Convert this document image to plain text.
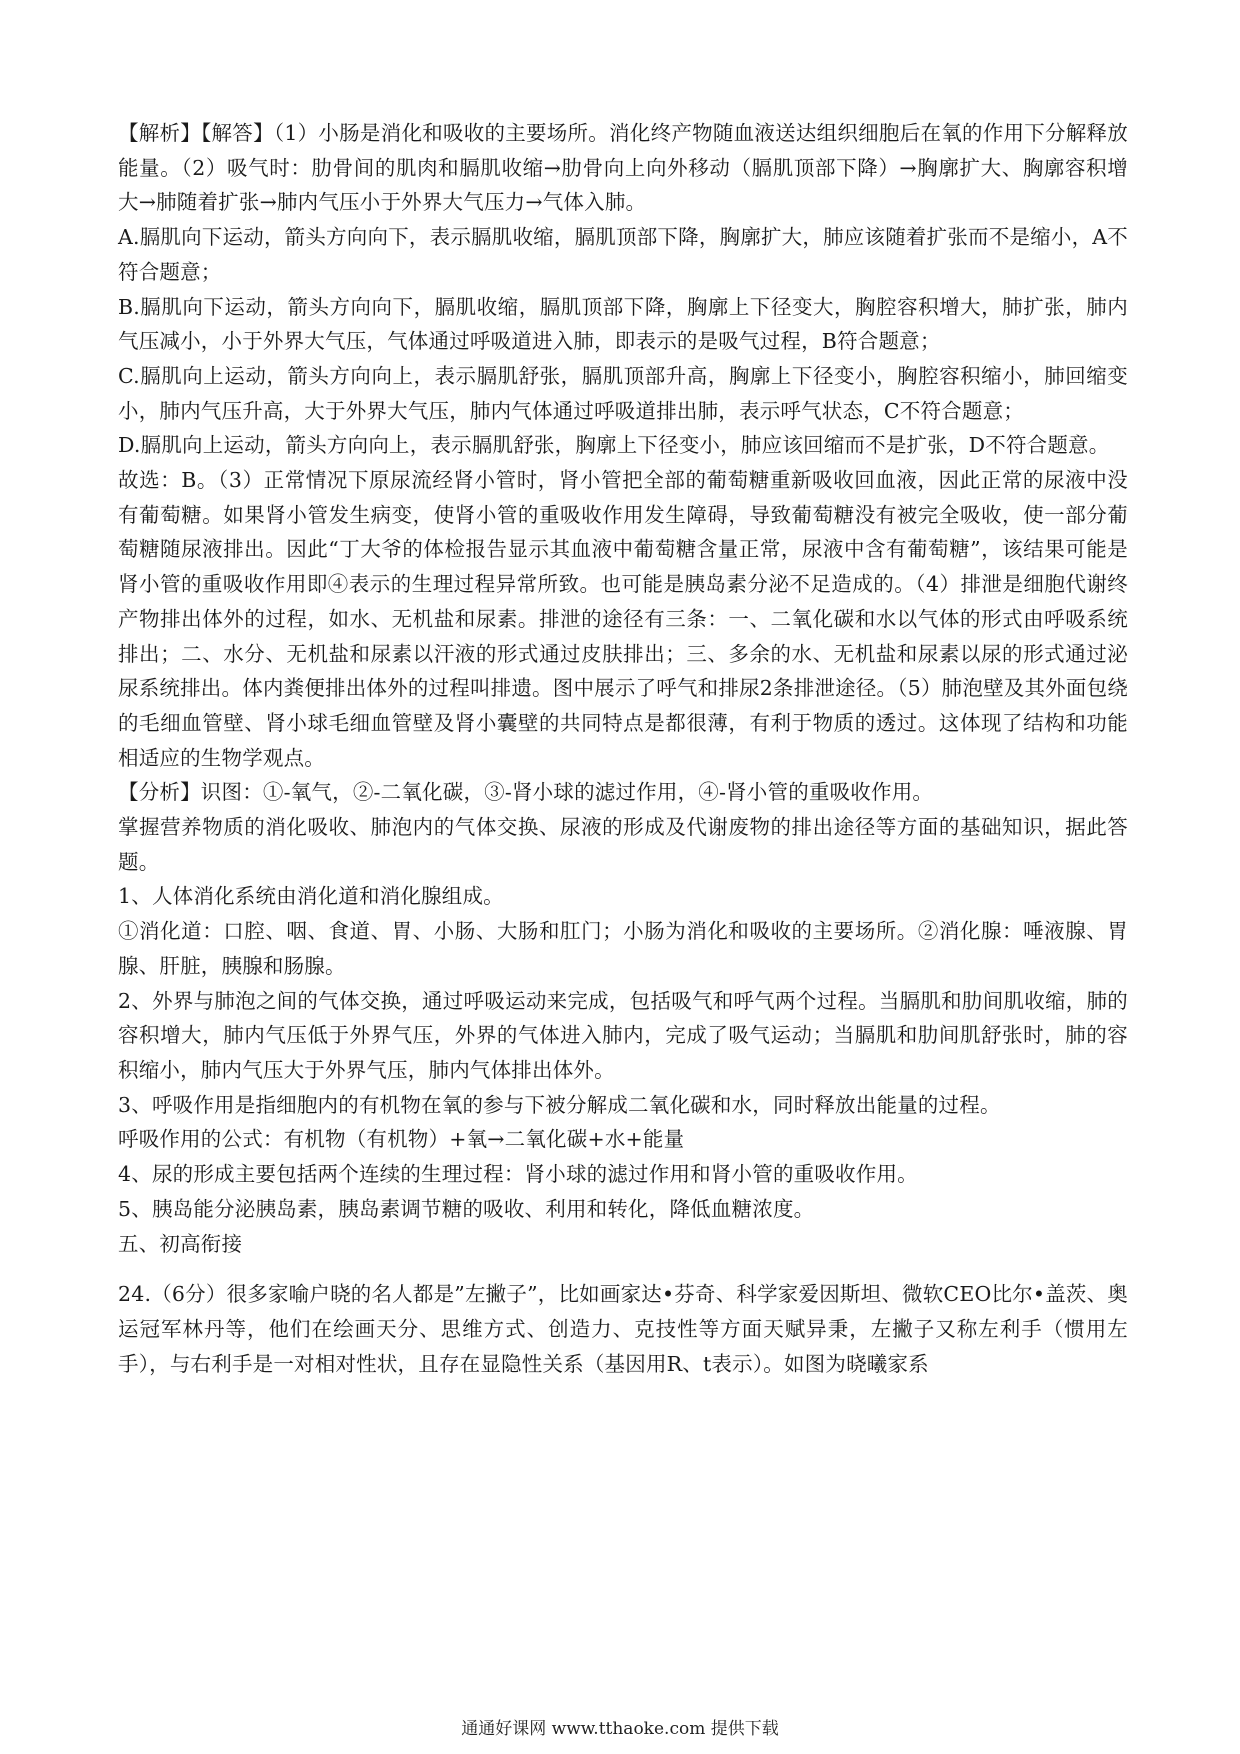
【解析】【解答】（1）小肠是消化和吸收的主要场所。消化终产物随血液送达组织细胞后在氧的作用下分解释放能量。（2）吸气时：肋骨间的肌肉和膈肌收缩→肋骨向上向外移动（膈肌顶部下降）→胸廓扩大、胸廓容积增大→肺随着扩张→肺内气压小于外界大气压力→气体入肺。

A.膈肌向下运动，箭头方向向下，表示膈肌收缩，膈肌顶部下降，胸廓扩大，肺应该随着扩张而不是缩小，A不符合题意；

B.膈肌向下运动，箭头方向向下，膈肌收缩，膈肌顶部下降，胸廓上下径变大，胸腔容积增大，肺扩张，肺内气压减小，小于外界大气压，气体通过呼吸道进入肺，即表示的是吸气过程，B符合题意；

C.膈肌向上运动，箭头方向向上，表示膈肌舒张，膈肌顶部升高，胸廓上下径变小，胸腔容积缩小，肺回缩变小，肺内气压升高，大于外界大气压，肺内气体通过呼吸道排出肺，表示呼气状态，C不符合题意；

D.膈肌向上运动，箭头方向向上，表示膈肌舒张，胸廓上下径变小，肺应该回缩而不是扩张，D不符合题意。

故选：B。（3）正常情况下原尿流经肾小管时，肾小管把全部的葡萄糖重新吸收回血液，因此正常的尿液中没有葡萄糖。如果肾小管发生病变，使肾小管的重吸收作用发生障碍，导致葡萄糖没有被完全吸收，使一部分葡萄糖随尿液排出。因此“丁大爷的体检报告显示其血液中葡萄糖含量正常，尿液中含有葡萄糖”，该结果可能是肾小管的重吸收作用即④表示的生理过程异常所致。也可能是胰岛素分泌不足造成的。（4）排泄是细胞代谢终产物排出体外的过程，如水、无机盐和尿素。排泄的途径有三条：一、二氧化碳和水以气体的形式由呼吸系统排出；二、水分、无机盐和尿素以汗液的形式通过皮肤排出；三、多余的水、无机盐和尿素以尿的形式通过泌尿系统排出。体内粪便排出体外的过程叫排遗。图中展示了呼气和排尿2条排泄途径。（5）肺泡壁及其外面包绕的毛细血管壁、肾小球毛细血管壁及肾小囊壁的共同特点是都很薄，有利于物质的透过。这体现了结构和功能相适应的生物学观点。

【分析】识图：①-氧气，②-二氧化碳，③-肾小球的滤过作用，④-肾小管的重吸收作用。

掌握营养物质的消化吸收、肺泡内的气体交换、尿液的形成及代谢废物的排出途径等方面的基础知识，据此答题。

1、人体消化系统由消化道和消化腺组成。

①消化道：口腔、咽、食道、胃、小肠、大肠和肛门；小肠为消化和吸收的主要场所。②消化腺：唾液腺、胃腺、肝脏，胰腺和肠腺。

2、外界与肺泡之间的气体交换，通过呼吸运动来完成，包括吸气和呼气两个过程。当膈肌和肋间肌收缩，肺的容积增大，肺内气压低于外界气压，外界的气体进入肺内，完成了吸气运动；当膈肌和肋间肌舒张时，肺的容积缩小，肺内气压大于外界气压，肺内气体排出体外。

3、呼吸作用是指细胞内的有机物在氧的参与下被分解成二氧化碳和水，同时释放出能量的过程。

呼吸作用的公式：有机物（有机物）+氧→二氧化碳+水+能量

4、尿的形成主要包括两个连续的生理过程：肾小球的滤过作用和肾小管的重吸收作用。

5、胰岛能分泌胰岛素，胰岛素调节糖的吸收、利用和转化，降低血糖浓度。

五、初高衔接

24.（6分）很多家喻户晓的名人都是”左撇子”，比如画家达•芬奇、科学家爱因斯坦、微软CEO比尔•盖茨、奥运冠军林丹等，他们在绘画天分、思维方式、创造力、克技性等方面天赋异秉，左撇子又称左利手（惯用左手），与右利手是一对相对性状，且存在显隐性关系（基因用R、t表示）。如图为晓曦家系

通通好课网 www.tthaoke.com 提供下载
